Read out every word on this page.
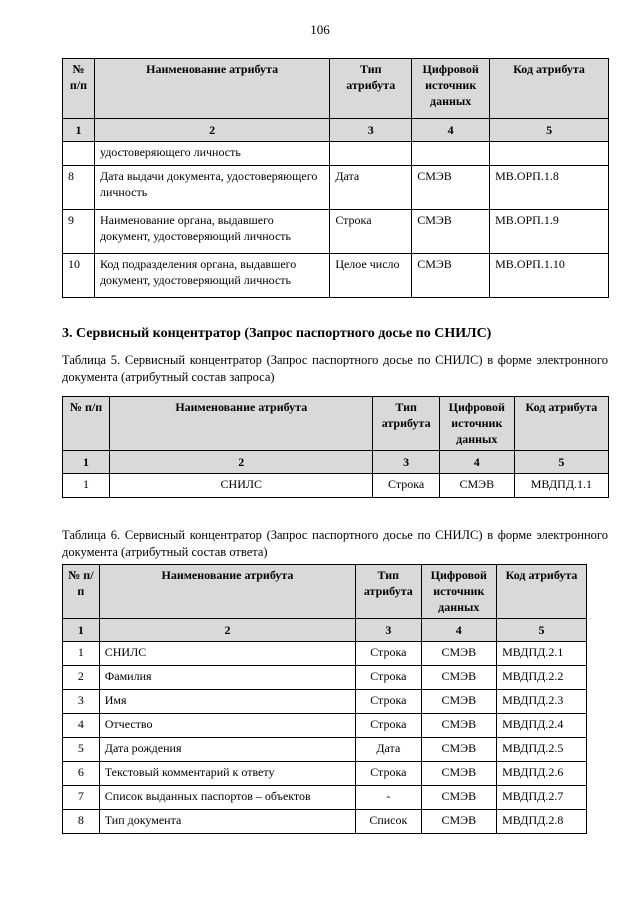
106
№ п/п	Наименование атрибута	Тип атрибута	Цифровой источник данных	Код атрибута
1	2	3	4	5
	удостоверяющего личность			
8	Дата выдачи документа, удостоверяющего личность	Дата	СМЭВ	МВ.ОРП.1.8
9	Наименование органа, выдавшего документ, удостоверяющий личность	Строка	СМЭВ	МВ.ОРП.1.9
10	Код подразделения органа, выдавшего документ, удостоверяющий личность	Целое число	СМЭВ	МВ.ОРП.1.10
3. Сервисный концентратор (Запрос паспортного досье по СНИЛС)
Таблица 5. Сервисный концентратор (Запрос паспортного досье по СНИЛС) в форме электронного документа (атрибутный состав запроса)
№ п/п	Наименование атрибута	Тип атрибута	Цифровой источник данных	Код атрибута
1	2	3	4	5
1	СНИЛС	Строка	СМЭВ	МВДПД.1.1
Таблица 6. Сервисный концентратор (Запрос паспортного досье по СНИЛС) в форме электронного документа (атрибутный состав ответа)
№ п/п	Наименование атрибута	Тип атрибута	Цифровой источник данных	Код атрибута
1	2	3	4	5
1	СНИЛС	Строка	СМЭВ	МВДПД.2.1
2	Фамилия	Строка	СМЭВ	МВДПД.2.2
3	Имя	Строка	СМЭВ	МВДПД.2.3
4	Отчество	Строка	СМЭВ	МВДПД.2.4
5	Дата рождения	Дата	СМЭВ	МВДПД.2.5
6	Текстовый комментарий к ответу	Строка	СМЭВ	МВДПД.2.6
7	Список выданных паспортов – объектов	-	СМЭВ	МВДПД.2.7
8	Тип документа	Список	СМЭВ	МВДПД.2.8
